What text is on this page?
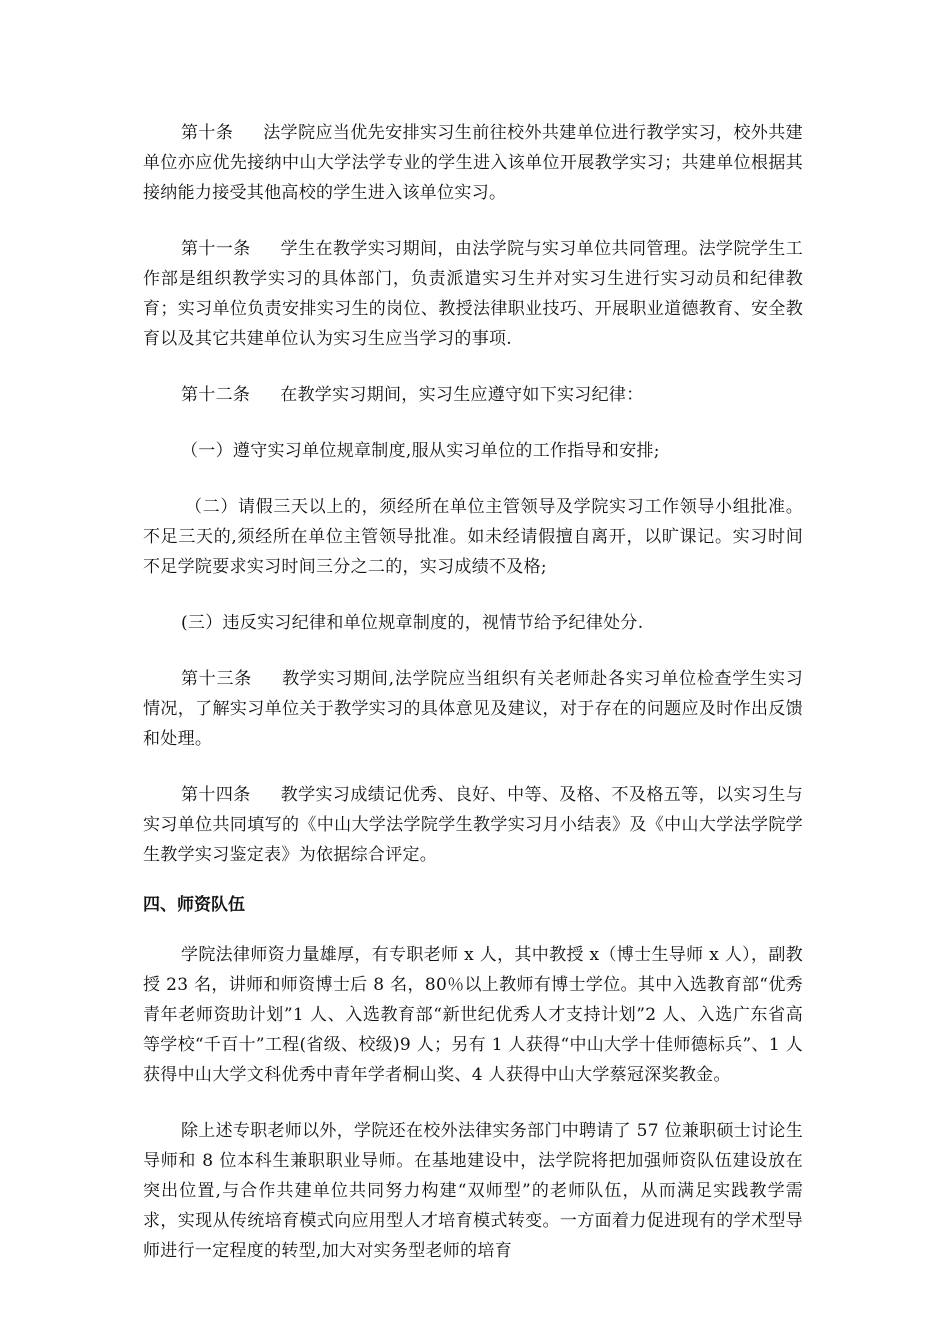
第十条 法学院应当优先安排实习生前往校外共建单位进行教学实习，校外共建单位亦应优先接纳中山大学法学专业的学生进入该单位开展教学实习；共建单位根据其接纳能力接受其他高校的学生进入该单位实习。

第十一条 学生在教学实习期间，由法学院与实习单位共同管理。法学院学生工作部是组织教学实习的具体部门，负责派遣实习生并对实习生进行实习动员和纪律教育；实习单位负责安排实习生的岗位、教授法律职业技巧、开展职业道德教育、安全教育以及其它共建单位认为实习生应当学习的事项.

第十二条 在教学实习期间，实习生应遵守如下实习纪律：

（一）遵守实习单位规章制度,服从实习单位的工作指导和安排;

（二）请假三天以上的，须经所在单位主管领导及学院实习工作领导小组批准。不足三天的,须经所在单位主管领导批准。如未经请假擅自离开，以旷课记。实习时间不足学院要求实习时间三分之二的，实习成绩不及格;

(三）违反实习纪律和单位规章制度的，视情节给予纪律处分.

第十三条 教学实习期间,法学院应当组织有关老师赴各实习单位检查学生实习情况，了解实习单位关于教学实习的具体意见及建议，对于存在的问题应及时作出反馈和处理。

第十四条 教学实习成绩记优秀、良好、中等、及格、不及格五等，以实习生与实习单位共同填写的《中山大学法学院学生教学实习月小结表》及《中山大学法学院学生教学实习鉴定表》为依据综合评定。

四、师资队伍

学院法律师资力量雄厚，有专职老师 x 人，其中教授 x（博士生导师 x 人），副教授 23 名，讲师和师资博士后 8 名，80％以上教师有博士学位。其中入选教育部“优秀青年老师资助计划”1 人、入选教育部“新世纪优秀人才支持计划”2 人、入选广东省高等学校“千百十”工程(省级、校级)9 人；另有 1 人获得“中山大学十佳师德标兵”、1 人获得中山大学文科优秀中青年学者桐山奖、4 人获得中山大学蔡冠深奖教金。

除上述专职老师以外，学院还在校外法律实务部门中聘请了 57 位兼职硕士讨论生导师和 8 位本科生兼职职业导师。在基地建设中，法学院将把加强师资队伍建设放在突出位置,与合作共建单位共同努力构建“双师型”的老师队伍，从而满足实践教学需求，实现从传统培育模式向应用型人才培育模式转变。一方面着力促进现有的学术型导师进行一定程度的转型,加大对实务型老师的培育
